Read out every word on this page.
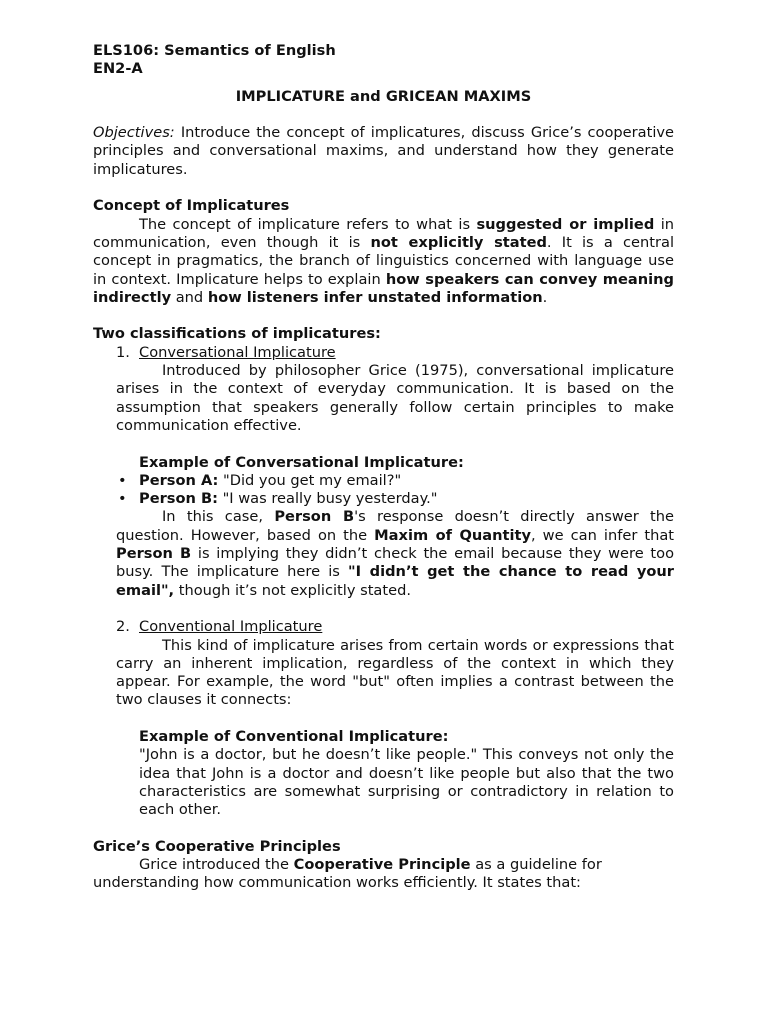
ELS106: Semantics of English

EN2-A

IMPLICATURE and GRICEAN MAXIMS

Objectives: Introduce the concept of implicatures, discuss Grice’s cooperative principles and conversational maxims, and understand how they generate implicatures.

Concept of Implicatures

The concept of implicature refers to what is suggested or implied in communication, even though it is not explicitly stated. It is a central concept in pragmatics, the branch of linguistics concerned with language use in context. Implicature helps to explain how speakers can convey meaning indirectly and how listeners infer unstated information.

Two classifications of implicatures:

1. Conversational Implicature

Introduced by philosopher Grice (1975), conversational implicature arises in the context of everyday communication. It is based on the assumption that speakers generally follow certain principles to make communication effective.

Example of Conversational Implicature:

• Person A: "Did you get my email?"
• Person B: "I was really busy yesterday."

In this case, Person B's response doesn’t directly answer the question. However, based on the Maxim of Quantity, we can infer that Person B is implying they didn’t check the email because they were too busy. The implicature here is "I didn’t get the chance to read your email", though it’s not explicitly stated.

2. Conventional Implicature

This kind of implicature arises from certain words or expressions that carry an inherent implication, regardless of the context in which they appear. For example, the word "but" often implies a contrast between the two clauses it connects:

Example of Conventional Implicature:

"John is a doctor, but he doesn’t like people." This conveys not only the idea that John is a doctor and doesn’t like people but also that the two characteristics are somewhat surprising or contradictory in relation to each other.

Grice’s Cooperative Principles

Grice introduced the Cooperative Principle as a guideline for understanding how communication works efficiently. It states that:
